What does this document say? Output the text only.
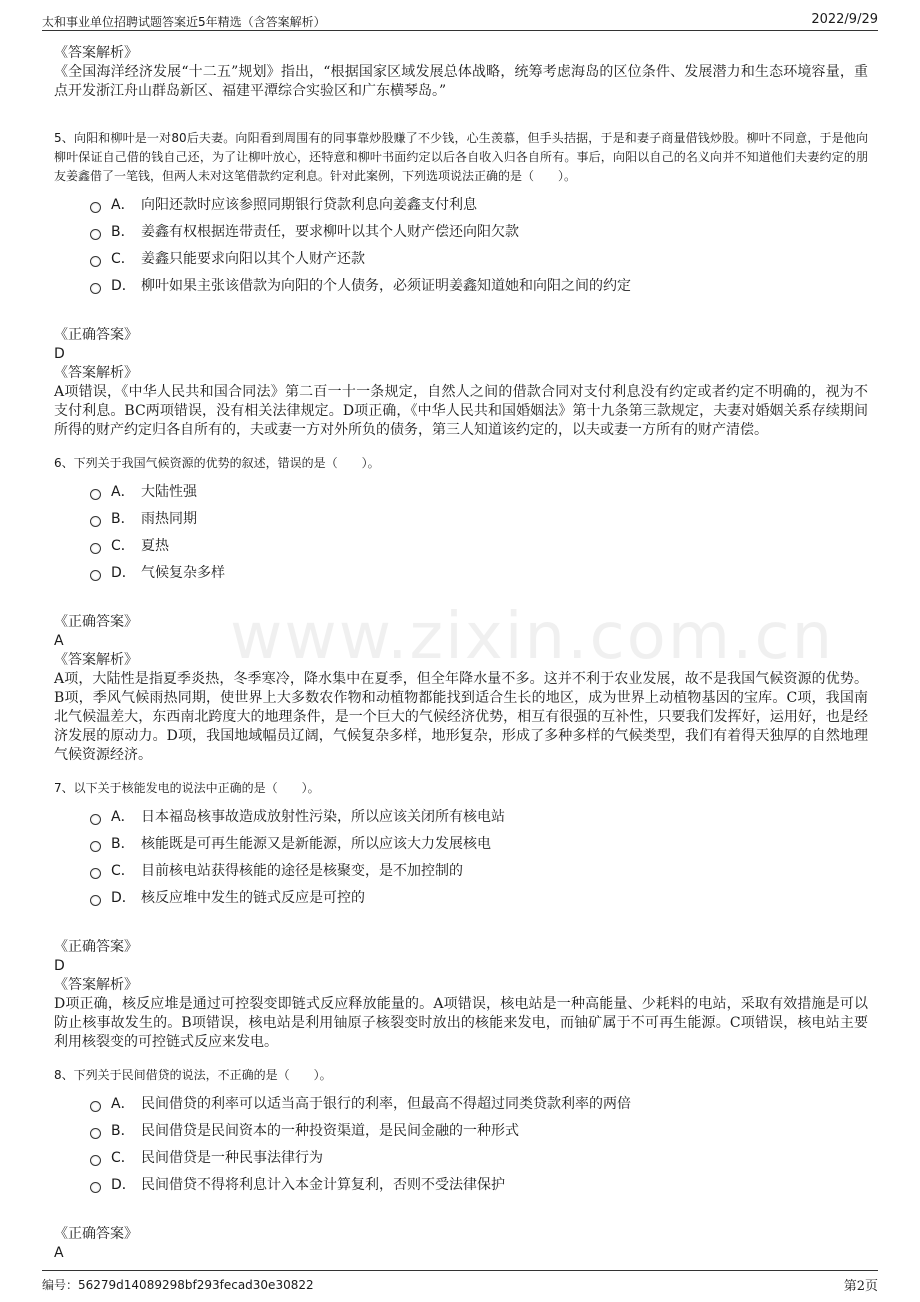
太和事业单位招聘试题答案近5年精选（含答案解析）	2022/9/29
www.zixin.com.cn

《答案解析》

《全国海洋经济发展“十二五”规划》指出，“根据国家区域发展总体战略，统筹考虑海岛的区位条件、发展潜力和生态环境容量，重点开发浙江舟山群岛新区、福建平潭综合实验区和广东横琴岛。”

5、向阳和柳叶是一对80后夫妻。向阳看到周围有的同事靠炒股赚了不少钱，心生羡慕，但手头拮据，于是和妻子商量借钱炒股。柳叶不同意，于是他向柳叶保证自己借的钱自己还，为了让柳叶放心，还特意和柳叶书面约定以后各自收入归各自所有。事后，向阳以自己的名义向并不知道他们夫妻约定的朋友姜鑫借了一笔钱，但两人未对这笔借款约定利息。针对此案例，下列选项说法正确的是（　　）。

A． 向阳还款时应该参照同期银行贷款利息向姜鑫支付利息
B． 姜鑫有权根据连带责任，要求柳叶以其个人财产偿还向阳欠款
C． 姜鑫只能要求向阳以其个人财产还款
D． 柳叶如果主张该借款为向阳的个人债务，必须证明姜鑫知道她和向阳之间的约定

《正确答案》

D

《答案解析》

A项错误，《中华人民共和国合同法》第二百一十一条规定，自然人之间的借款合同对支付利息没有约定或者约定不明确的，视为不支付利息。BC两项错误，没有相关法律规定。D项正确，《中华人民共和国婚姻法》第十九条第三款规定，夫妻对婚姻关系存续期间所得的财产约定归各自所有的，夫或妻一方对外所负的债务，第三人知道该约定的，以夫或妻一方所有的财产清偿。

6、下列关于我国气候资源的优势的叙述，错误的是（　　）。

A． 大陆性强
B． 雨热同期
C． 夏热
D． 气候复杂多样

《正确答案》

A

《答案解析》

A项，大陆性是指夏季炎热，冬季寒冷，降水集中在夏季，但全年降水量不多。这并不利于农业发展，故不是我国气候资源的优势。B项，季风气候雨热同期，使世界上大多数农作物和动植物都能找到适合生长的地区，成为世界上动植物基因的宝库。C项，我国南北气候温差大，东西南北跨度大的地理条件，是一个巨大的气候经济优势，相互有很强的互补性，只要我们发挥好，运用好，也是经济发展的原动力。D项，我国地域幅员辽阔，气候复杂多样，地形复杂，形成了多种多样的气候类型，我们有着得天独厚的自然地理气候资源经济。

7、以下关于核能发电的说法中正确的是（　　）。

A． 日本福岛核事故造成放射性污染，所以应该关闭所有核电站
B． 核能既是可再生能源又是新能源，所以应该大力发展核电
C． 目前核电站获得核能的途径是核聚变，是不加控制的
D． 核反应堆中发生的链式反应是可控的

《正确答案》

D

《答案解析》

D项正确，核反应堆是通过可控裂变即链式反应释放能量的。A项错误，核电站是一种高能量、少耗料的电站，采取有效措施是可以防止核事故发生的。B项错误，核电站是利用铀原子核裂变时放出的核能来发电，而铀矿属于不可再生能源。C项错误，核电站主要利用核裂变的可控链式反应来发电。

8、下列关于民间借贷的说法，不正确的是（　　）。

A． 民间借贷的利率可以适当高于银行的利率，但最高不得超过同类贷款利率的两倍
B． 民间借贷是民间资本的一种投资渠道，是民间金融的一种形式
C． 民间借贷是一种民事法律行为
D． 民间借贷不得将利息计入本金计算复利，否则不受法律保护

《正确答案》

A

编号：56279d14089298bf293fecad30e30822	第2页
